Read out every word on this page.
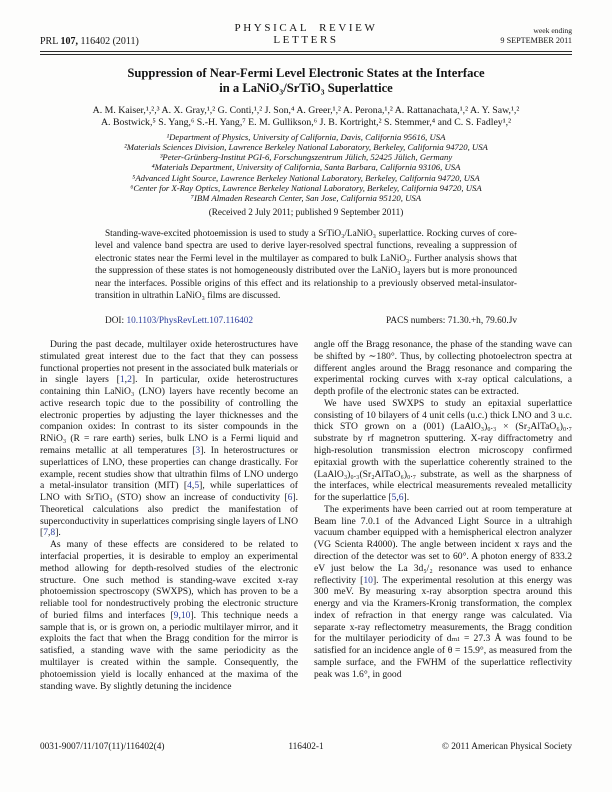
PRL 107, 116402 (2011)
PHYSICAL REVIEW LETTERS
week ending
9 SEPTEMBER 2011
Suppression of Near-Fermi Level Electronic States at the Interface
in a LaNiO₃/SrTiO₃ Superlattice
A. M. Kaiser,¹,²,³ A. X. Gray,¹,² G. Conti,¹,² J. Son,⁴ A. Greer,¹,² A. Perona,¹,² A. Rattanachata,¹,² A. Y. Saw,¹,²
A. Bostwick,⁵ S. Yang,⁶ S.-H. Yang,⁷ E. M. Gullikson,⁶ J. B. Kortright,² S. Stemmer,⁴ and C. S. Fadley¹,²
¹Department of Physics, University of California, Davis, California 95616, USA
²Materials Sciences Division, Lawrence Berkeley National Laboratory, Berkeley, California 94720, USA
³Peter-Grünberg-Institut PGI-6, Forschungszentrum Jülich, 52425 Jülich, Germany
⁴Materials Department, University of California, Santa Barbara, California 93106, USA
⁵Advanced Light Source, Lawrence Berkeley National Laboratory, Berkeley, California 94720, USA
⁶Center for X-Ray Optics, Lawrence Berkeley National Laboratory, Berkeley, California 94720, USA
⁷IBM Almaden Research Center, San Jose, California 95120, USA
(Received 2 July 2011; published 9 September 2011)
Standing-wave-excited photoemission is used to study a SrTiO₃/LaNiO₃ superlattice. Rocking curves of core-level and valence band spectra are used to derive layer-resolved spectral functions, revealing a suppression of electronic states near the Fermi level in the multilayer as compared to bulk LaNiO₃. Further analysis shows that the suppression of these states is not homogeneously distributed over the LaNiO₃ layers but is more pronounced near the interfaces. Possible origins of this effect and its relationship to a previously observed metal-insulator-transition in ultrathin LaNiO₃ films are discussed.
DOI: 10.1103/PhysRevLett.107.116402	PACS numbers: 71.30.+h, 79.60.Jv

During the past decade, multilayer oxide heterostructures have stimulated great interest due to the fact that they can possess functional properties not present in the associated bulk materials or in single layers [1,2]. In particular, oxide heterostructures containing thin LaNiO₃ (LNO) layers have recently become an active research topic due to the possibility of controlling the electronic properties by adjusting the layer thicknesses and the companion oxides: In contrast to its sister compounds in the RNiO₃ (R = rare earth) series, bulk LNO is a Fermi liquid and remains metallic at all temperatures [3]. In heterostructures or superlattices of LNO, these properties can change drastically. For example, recent studies show that ultrathin films of LNO undergo a metal-insulator transition (MIT) [4,5], while superlattices of LNO with SrTiO₃ (STO) show an increase of conductivity [6]. Theoretical calculations also predict the manifestation of superconductivity in superlattices comprising single layers of LNO [7,8].

As many of these effects are considered to be related to interfacial properties, it is desirable to employ an experimental method allowing for depth-resolved studies of the electronic structure. One such method is standing-wave excited x-ray photoemission spectroscopy (SWXPS), which has proven to be a reliable tool for nondestructively probing the electronic structure of buried films and interfaces [9,10]. This technique needs a sample that is, or is grown on, a periodic multilayer mirror, and it exploits the fact that when the Bragg condition for the mirror is satisfied, a standing wave with the same periodicity as the multilayer is created within the sample. Consequently, the photoemission yield is locally enhanced at the maxima of the standing wave. By slightly detuning the incidence

angle off the Bragg resonance, the phase of the standing wave can be shifted by ∼180°. Thus, by collecting photoelectron spectra at different angles around the Bragg resonance and comparing the experimental rocking curves with x-ray optical calculations, a depth profile of the electronic states can be extracted.

We have used SWXPS to study an epitaxial superlattice consisting of 10 bilayers of 4 unit cells (u.c.) thick LNO and 3 u.c. thick STO grown on a (001) (LaAlO₃)₀.₃ × (Sr₂AlTaO₆)₀.₇ substrate by rf magnetron sputtering. X-ray diffractometry and high-resolution transmission electron microscopy confirmed epitaxial growth with the superlattice coherently strained to the (LaAlO₃)₀.₃(Sr₂AlTaO₆)₀.₇ substrate, as well as the sharpness of the interfaces, while electrical measurements revealed metallicity for the superlattice [5,6].

The experiments have been carried out at room temperature at Beam line 7.0.1 of the Advanced Light Source in a ultrahigh vacuum chamber equipped with a hemispherical electron analyzer (VG Scienta R4000). The angle between incident x rays and the direction of the detector was set to 60°. A photon energy of 833.2 eV just below the La 3d₅/₂ resonance was used to enhance reflectivity [10]. The experimental resolution at this energy was 300 meV. By measuring x-ray absorption spectra around this energy and via the Kramers-Kronig transformation, the complex index of refraction in that energy range was calculated. Via separate x-ray reflectometry measurements, the Bragg condition for the multilayer periodicity of dₘₗ = 27.3 Å was found to be satisfied for an incidence angle of θ = 15.9°, as measured from the sample surface, and the FWHM of the superlattice reflectivity peak was 1.6°, in good

0031-9007/11/107(11)/116402(4)	116402-1	© 2011 American Physical Society
